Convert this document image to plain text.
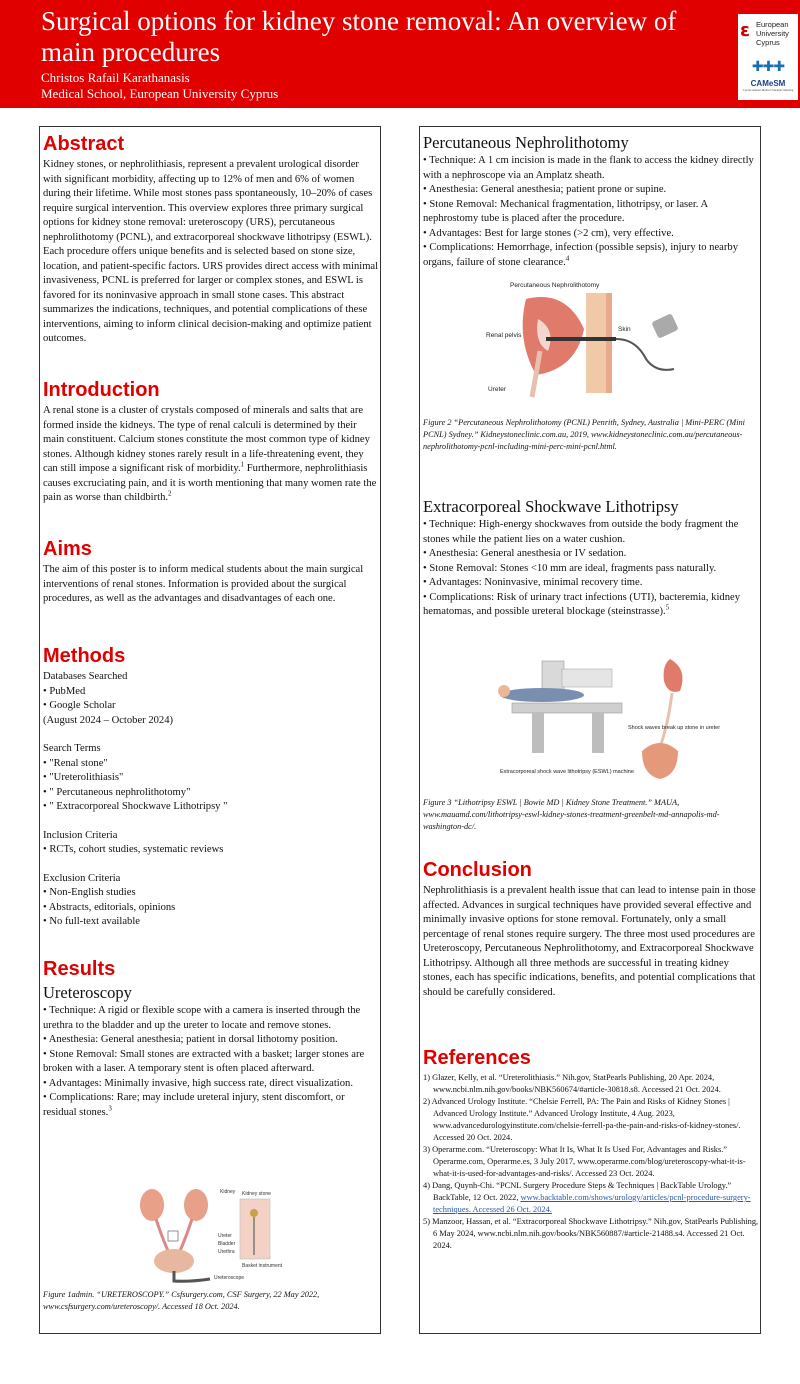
Surgical options for kidney stone removal: An overview of main procedures
Christos Rafail Karathanasis
Medical School, European University Cyprus
ɛ European
University Cyprus
✚✚✚
CAMeSM
Cyprus Annual Medical Students Meeting
Abstract

Kidney stones, or nephrolithiasis, represent a prevalent urological disorder with significant morbidity, affecting up to 12% of men and 6% of women during their lifetime. While most stones pass spontaneously, 10–20% of cases require surgical intervention. This overview explores three primary surgical options for kidney stone removal: ureteroscopy (URS), percutaneous nephrolithotomy (PCNL), and extracorporeal shockwave lithotripsy (ESWL). Each procedure offers unique benefits and is selected based on stone size, location, and patient-specific factors. URS provides direct access with minimal invasiveness, PCNL is preferred for larger or complex stones, and ESWL is favored for its noninvasive approach in small stone cases. This abstract summarizes the indications, techniques, and potential complications of these interventions, aiming to inform clinical decision-making and optimize patient outcomes.

Introduction

A renal stone is a cluster of crystals composed of minerals and salts that are formed inside the kidneys. The type of renal calculi is determined by their main constituent. Calcium stones constitute the most common type of kidney stones. Although kidney stones rarely result in a life-threatening event, they can still impose a significant risk of morbidity.$^1$ Furthermore, nephrolithiasis causes excruciating pain, and it is worth mentioning that many women rate the pain as worse than childbirth.$^2$

Aims

The aim of this poster is to inform medical students about the main surgical interventions of renal stones. Information is provided about the surgical procedures, as well as the advantages and disadvantages of each one.

Methods

Databases Searched

• PubMed

• Google Scholar

(August 2024 – October 2024)

Search Terms

• "Renal stone"

• "Ureterolithiasis"

• " Percutaneous nephrolithotomy"

• " Extracorporeal Shockwave Lithotripsy "

Inclusion Criteria

• RCTs, cohort studies, systematic reviews

Exclusion Criteria

• Non-English studies

• Abstracts, editorials, opinions

• No full-text available

Results
Ureteroscopy

• Technique: A rigid or flexible scope with a camera is inserted through the urethra to the bladder and up the ureter to locate and remove stones.

• Anesthesia: General anesthesia; patient in dorsal lithotomy position.

• Stone Removal: Small stones are extracted with a basket; larger stones are broken with a laser. A temporary stent is often placed afterward.

• Advantages: Minimally invasive, high success rate, direct visualization.

• Complications: Rare; may include ureteral injury, stent discomfort, or residual stones.$^3$

Kidney Kidney stone
Ureter
Bladder
Urethra
Basket instrument
Ureteroscope

Figure 1admin. “URETEROSCOPY.” Csfsurgery.com, CSF Surgery, 22 May 2022, www.csfsurgery.com/ureteroscopy/. Accessed 18 Oct. 2024.

Percutaneous Nephrolithotomy

• Technique: A 1 cm incision is made in the flank to access the kidney directly with a nephroscope via an Amplatz sheath.

• Anesthesia: General anesthesia; patient prone or supine.

• Stone Removal: Mechanical fragmentation, lithotripsy, or laser. A nephrostomy tube is placed after the procedure.

• Advantages: Best for large stones (>2 cm), very effective.

• Complications: Hemorrhage, infection (possible sepsis), injury to nearby organs, failure of stone clearance.$^4$

Percutaneous Nephrolithotomy
Renal pelvis
Skin
Ureter

Figure 2 “Percutaneous Nephrolithotomy (PCNL) Penrith, Sydney, Australia | Mini-PERC (Mini PCNL) Sydney.” Kidneystoneclinic.com.au, 2019, www.kidneystoneclinic.com.au/percutaneous-nephrolithotomy-pcnl-including-mini-perc-mini-pcnl.html.

Extracorporeal Shockwave Lithotripsy

• Technique: High-energy shockwaves from outside the body fragment the stones while the patient lies on a water cushion.

• Anesthesia: General anesthesia or IV sedation.

• Stone Removal: Stones <10 mm are ideal, fragments pass naturally.

• Advantages: Noninvasive, minimal recovery time.

• Complications: Risk of urinary tract infections (UTI), bacteremia, kidney hematomas, and possible ureteral blockage (steinstrasse).$^5$

Shock waves break up stone in ureter
Extracorporeal shock wave lithotripsy (ESWL) machine

Figure 3 “Lithotripsy ESWL | Bowie MD | Kidney Stone Treatment.” MAUA, www.mauamd.com/lithotripsy-eswl-kidney-stones-treatment-greenbelt-md-annapolis-md-washington-dc/.

Conclusion

Nephrolithiasis is a prevalent health issue that can lead to intense pain in those affected. Advances in surgical techniques have provided several effective and minimally invasive options for stone removal. Fortunately, only a small percentage of renal stones require surgery. The three most used procedures are Ureteroscopy, Percutaneous Nephrolithotomy, and Extracorporeal Shockwave Lithotripsy. Although all three methods are successful in treating kidney stones, each has specific indications, benefits, and potential complications that should be carefully considered.

References

1) Glazer, Kelly, et al. “Ureterolithiasis.” Nih.gov, StatPearls Publishing, 20 Apr. 2024, www.ncbi.nlm.nih.gov/books/NBK560674/#article-30818.s8. Accessed 21 Oct. 2024.

2) Advanced Urology Institute. “Chelsie Ferrell, PA: The Pain and Risks of Kidney Stones | Advanced Urology Institute.” Advanced Urology Institute, 4 Aug. 2023, www.advancedurologyinstitute.com/chelsie-ferrell-pa-the-pain-and-risks-of-kidney-stones/. Accessed 20 Oct. 2024.

3) Operarme.com. “Ureteroscopy: What It Is, What It Is Used For, Advantages and Risks.” Operarme.com, Operarme.es, 3 July 2017, www.operarme.com/blog/ureteroscopy-what-it-is-what-it-is-used-for-advantages-and-risks/. Accessed 23 Oct. 2024.

4) Dang, Quynh-Chi. “PCNL Surgery Procedure Steps & Techniques | BackTable Urology.” BackTable, 12 Oct. 2022, www.backtable.com/shows/urology/articles/pcnl-procedure-surgery-techniques. Accessed 26 Oct. 2024.

5) Manzoor, Hassan, et al. “Extracorporeal Shockwave Lithotripsy.” Nih.gov, StatPearls Publishing, 6 May 2024, www.ncbi.nlm.nih.gov/books/NBK560887/#article-21488.s4. Accessed 21 Oct. 2024.
